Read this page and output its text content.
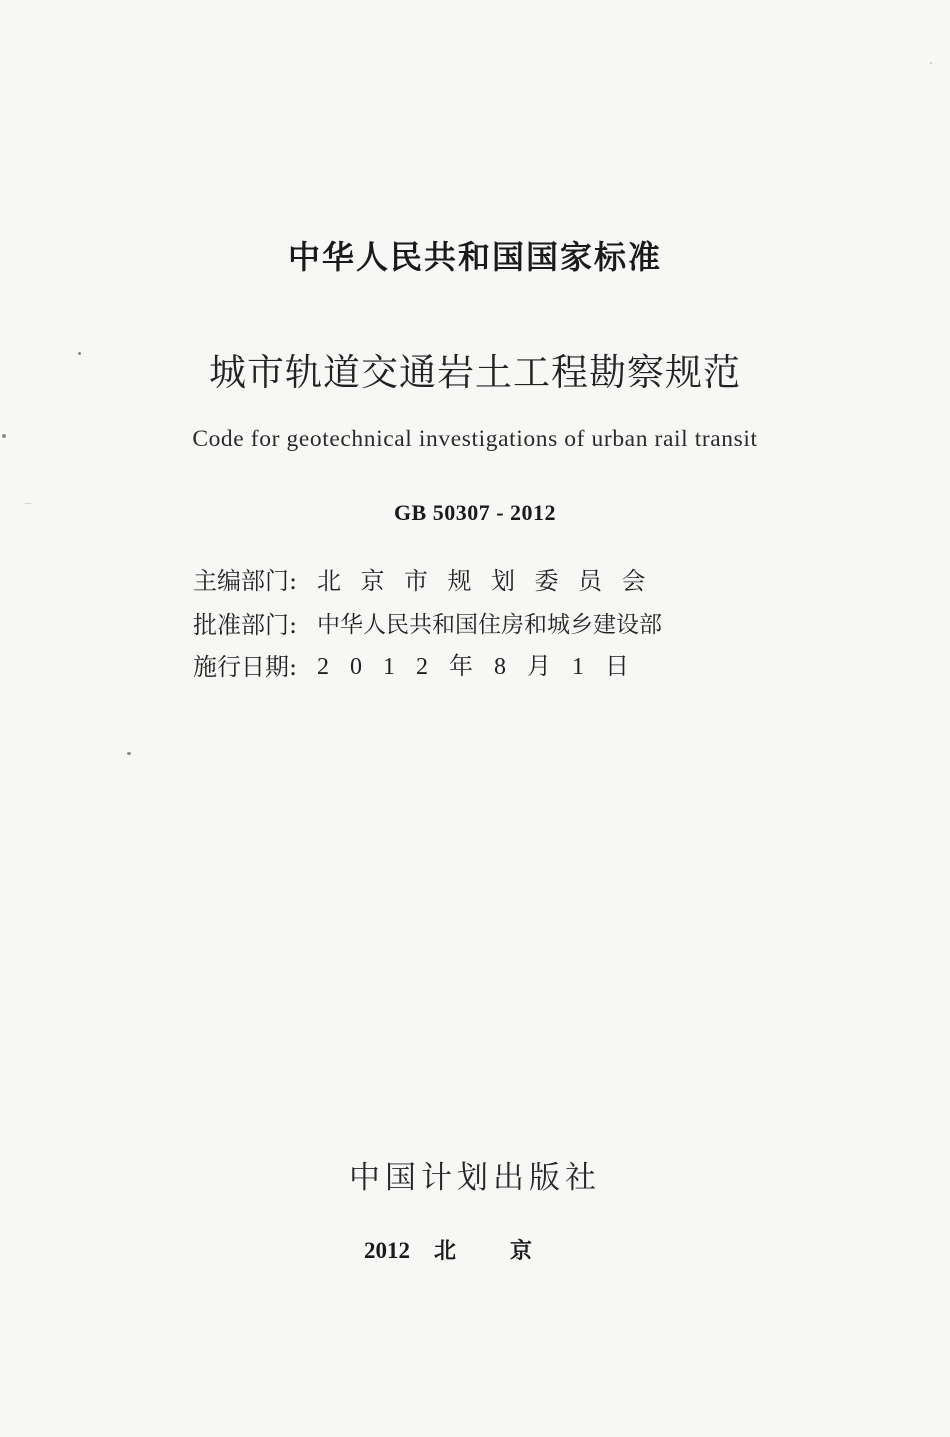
中华人民共和国国家标准
城市轨道交通岩土工程勘察规范
Code for geotechnical investigations of urban rail transit
GB 50307 - 2012
主编部门: 北京市规划委员会
批准部门: 中华人民共和国住房和城乡建设部
施行日期: 2012年8月1日
中国计划出版社
2012 北京
